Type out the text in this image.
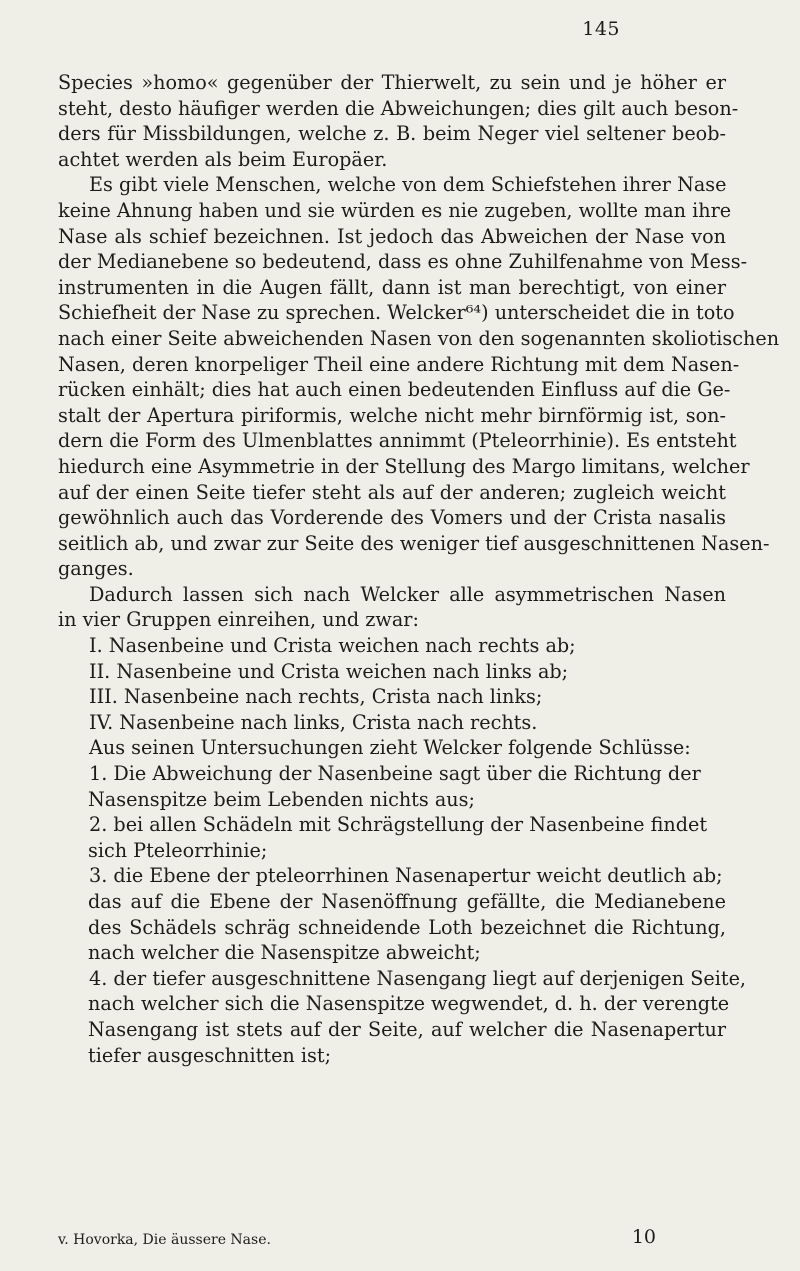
145
Species »homo« gegenüber der Thierwelt, zu sein und je höher er
steht, desto häufiger werden die Abweichungen; dies gilt auch beson-
ders für Missbildungen, welche z. B. beim Neger viel seltener beob-
achtet werden als beim Europäer.
Es gibt viele Menschen, welche von dem Schiefstehen ihrer Nase
keine Ahnung haben und sie würden es nie zugeben, wollte man ihre
Nase als schief bezeichnen. Ist jedoch das Abweichen der Nase von
der Medianebene so bedeutend, dass es ohne Zuhilfenahme von Mess-
instrumenten in die Augen fällt, dann ist man berechtigt, von einer
Schiefheit der Nase zu sprechen. Welcker⁶⁴) unterscheidet die in toto
nach einer Seite abweichenden Nasen von den sogenannten skoliotischen
Nasen, deren knorpeliger Theil eine andere Richtung mit dem Nasen-
rücken einhält; dies hat auch einen bedeutenden Einfluss auf die Ge-
stalt der Apertura piriformis, welche nicht mehr birnförmig ist, son-
dern die Form des Ulmenblattes annimmt (Pteleorrhinie). Es entsteht
hiedurch eine Asymmetrie in der Stellung des Margo limitans, welcher
auf der einen Seite tiefer steht als auf der anderen; zugleich weicht
gewöhnlich auch das Vorderende des Vomers und der Crista nasalis
seitlich ab, und zwar zur Seite des weniger tief ausgeschnittenen Nasen-
ganges.
Dadurch lassen sich nach Welcker alle asymmetrischen Nasen
in vier Gruppen einreihen, und zwar:
I. Nasenbeine und Crista weichen nach rechts ab;
II. Nasenbeine und Crista weichen nach links ab;
III. Nasenbeine nach rechts, Crista nach links;
IV. Nasenbeine nach links, Crista nach rechts.
Aus seinen Untersuchungen zieht Welcker folgende Schlüsse:
1. Die Abweichung der Nasenbeine sagt über die Richtung der
Nasenspitze beim Lebenden nichts aus;
2. bei allen Schädeln mit Schrägstellung der Nasenbeine findet
sich Pteleorrhinie;
3. die Ebene der pteleorrhinen Nasenapertur weicht deutlich ab;
das auf die Ebene der Nasenöffnung gefällte, die Medianebene
des Schädels schräg schneidende Loth bezeichnet die Richtung,
nach welcher die Nasenspitze abweicht;
4. der tiefer ausgeschnittene Nasengang liegt auf derjenigen Seite,
nach welcher sich die Nasenspitze wegwendet, d. h. der verengte
Nasengang ist stets auf der Seite, auf welcher die Nasenapertur
tiefer ausgeschnitten ist;
v. Hovorka, Die äussere Nase.	10
